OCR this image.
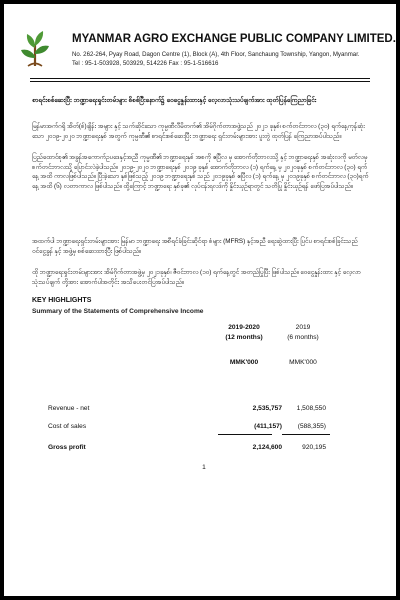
MYANMAR AGRO EXCHANGE PUBLIC COMPANY LIMITED.
No. 262-264, Pyay Road, Dagon Centre (1), Block (A), 4th Floor, Sanchaung Township, Yangon, Myanmar.
Tel : 95-1-503928, 503929, 514226 Fax : 95-1-516616
စာရင်းစစ်ဆေးပြီး ဘဏ္ဍာရေးရှင်းတမ်းများ စိစစ်ပြီးနောက်၌ ဝေငွေနှုန်းထားနှင့် လေ့လာသုံးသပ်ချက်အား ထုတ်ပြန်ကြေညာခြင်း
မြန်မာအက်ဂရို အိတ်(စ်)ချိန်း အများ နှင့် သက်ဆိုင်သော ကုမ္ပဏီလီမိတက်၏ အိမ်ဂိုက်တာအဖွဲ့သည် ၂၀၂၁ ခုနှစ်၊ စက်တင်ဘာလ (၃၀) ရက်နေ့ကုန်ဆုံးသော ၂၀၁၉-၂၀၂၀ ဘဏ္ဍာရေးနှစ် အတွက် ကုမ္ပဏီ၏ စာရင်းစစ်ဆေးပြီး ဘဏ္ဍာရေး ရှင်းတမ်းများအား ပူးတွဲ ထုတ်ပြန် ကြေညာအပ်ပါသည်။
ပြည်ထောင်စု၏ အခွန်အကောက်ဥပဒေနှင့်အညီ ကုမ္ပဏီ၏ ဘဏ္ဍာရေးနှစ် အစကို ဧပြီလ မှ အောက်တိုဘာလသို့ နှင့် ဘဏ္ဍာရေးနှစ် အဆုံးလကို မတ်လမှ စက်တင်ဘာလသို့ ပြောင်းလဲခဲ့ပါသည်။ ၂၀၁၉-၂၀၂၀ ဘဏ္ဍာရေးနှစ် ၂၀၁၉ ခုနှစ် အောက်တိုဘာလ (၁) ရက်နေ့ မှ ၂၀၂၀ခုနှစ် စက်တင်ဘာလ (၃၀) ရက်နေ့ အထိ ကာလဖြစ်ပါသည်။ ပြီးခဲ့သော နှစ်ဖြစ်သည့် ၂၀၁၉ ဘဏ္ဍာရေးနှစ် သည် ၂၀၁၉ခုနှစ် ဧပြီလ (၁) ရက်နေ့ မှ ၂၀၁၉ခုနှစ် စက်တင်ဘာလ (၃၀)ရက်နေ့ အထိ (၆) လတာကာလ ဖြစ်ပါသည်။ ထို့ကြောင့် ဘဏ္ဍာရေး နှစ်ခု၏ လုပ်ငန်းရလဒ်ကို နှိုင်းယှဉ်ရာတွင် သတိပြု နှိုင်းယှဉ်ရန် ဖော်ပြအပ်ပါသည်။
အထက်ပါ ဘဏ္ဍာရေးရှင်းတမ်းများအား မြန်မာ ဘဏ္ဍာရေး အစီရင်ခံခြင်းဆိုင်ရာ စံများ (MFRS) နှင့်အညီ ရေးဆွဲထားပြီး ပြင်ပ စာရင်းစစ်ခြင်းသည် ဝင်ငွေခွန် နှင့် အဖွဲ့မှ စစ်ဆေးထားပြီး ဖြစ်ပါသည်။
ထို ဘဏ္ဍာရေးရှင်းတမ်းများအား အိမ်ဂိုက်တာအဖွဲ့မှ ၂၀၂၁ခုနှစ်၊ ဇီဝင်ဘာလ (၁၀) ရက်နေ့တွင် အတည်ပြုပြီး ဖြစ်ပါသည်။ ဝေငွေနှုန်းထား နှင့် လေ့လာသုံးသပ်ချက် တို့အား အောက်ပါအတိုင်း အသိပေးတင်ပြအပ်ပါသည်။
KEY HIGHLIGHTS
Summary of the Statements of Comprehensive Income
2019-2020
(12 months)
2019
(6 months)
MMK'000	MMK'000
Revenue - net	2,535,757	1,508,550
Cost of sales	(411,157)	(588,355)
Gross profit	2,124,600	920,195
1
